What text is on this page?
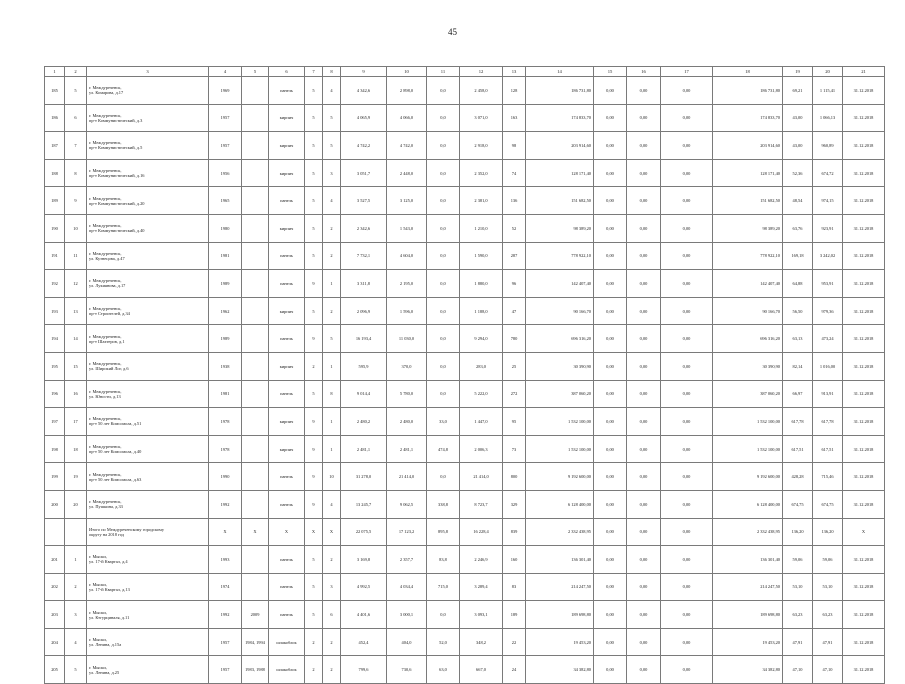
45
1	2	3	4	5	6	7	8	9	10	11	12	13	14	15	16	17	18	19	20	21
185	5	г. Междуреченск,
ул. Комарова, д.17	1969		панель	5	4	4 342,6	2 898,0	0,0	2 458,0	128	186 731,80	0,00	0,00	0,00	186 731,80	69,21	1 115,41	31.12.2018
186	6	г. Междуреченск,
пр-т Коммунистический, д.3	1957		кирпич	5	5	4 065,9	4 066,0	0,0	3 071,0	163	174 833,70	0,00	0,00	0,00	174 833,70	43,00	1 066,13	31.12.2018
187	7	г. Междуреченск,
пр-т Коммунистический, д.5	1957		кирпич	5	5	4 742,2	4 742,0	0,0	2 918,0	98	203 914,60	0,00	0,00	0,00	203 914,60	43,00	960,89	31.12.2018
188	8	г. Междуреченск,
пр-т Коммунистический, д.16	1956		кирпич	5	3	3 051,7	2 448,0	0,0	2 352,0	74	128 171,40	0,00	0,00	0,00	128 171,40	52,36	674,72	31.12.2018
189	9	г. Междуреченск,
пр-т Коммунистический, д.20	1965		панель	5	4	3 527,5	3 125,0	0,0	2 381,0	136	151 682,50	0,00	0,00	0,00	151 682,50	48,54	974,15	31.12.2018
190	10	г. Междуреченск,
пр-т Коммунистический, д.40	1980		кирпич	5	2	2 342,6	1 543,0	0,0	1 210,0	52	98 389,20	0,00	0,00	0,00	98 389,20	63,76	923,91	31.12.2018
191	11	г. Междуреченск,
ул. Кузнецова, д.47	1981		панель	5	2	7 732,1	4 604,0	0,0	1 590,0	287	778 922,10	0,00	0,00	0,00	778 922,10	169,18	3 242,02	31.12.2018
192	12	г. Междуреченск,
ул. Лукиянова, д.17	1989		панель	9	1	3 311,8	2 195,0	0,0	1 880,0	96	142 407,40	0,00	0,00	0,00	142 407,40	64,88	953,91	31.12.2018
193	13	г. Междуреченск,
пр-т Строителей, д.34	1962		кирпич	5	2	2 096,9	1 596,0	0,0	1 188,0	47	90 166,70	0,00	0,00	0,00	90 166,70	56,50	979,36	31.12.2018
194	14	г. Междуреченск,
пр-т Шахтеров, д.1	1989		панель	9	5	16 193,4	11 030,0	0,0	9 294,0	780	696 316,20	0,00	0,00	0,00	696 316,20	63,13	473,24	31.12.2018
195	15	г. Междуреченск,
ул. Широкий Лог, д.6	1938		кирпич	2	1	595,9	370,0	0,0	283,0	25	30 390,90	0,00	0,00	0,00	30 390,90	82,14	1 016,00	31.12.2018
196	16	г. Междуреченск,
ул. Юности, д.13	1981		панель	5	8	9 014,4	5 780,0	0,0	5 222,0	272	387 060,20	0,00	0,00	0,00	387 060,20	66,97	913,91	31.12.2018
197	17	г. Междуреченск,
пр-т 50 лет Комсомола, д.51	1978		кирпич	9	1	2 480,2	2 480,0	33,0	1 447,0	95	1 532 100,00	0,00	0,00	0,00	1 532 100,00	617,78	617,78	31.12.2018
198	18	г. Междуреченск,
пр-т 50 лет Комсомола, д.40	1978		кирпич	9	1	2 481,1	2 481,1	474,8	2 006,3	73	1 532 100,00	0,00	0,00	0,00	1 532 100,00	617,51	617,51	31.12.2018
199	19	г. Междуреченск,
пр-т 50 лет Комсомола, д.63	1990		панель	9	10	31 278,0	21 414,0	0,0	21 414,0	800	9 192 600,00	0,00	0,00	0,00	9 192 600,00	428,28	715,46	31.12.2018
200	20	г. Междуреченск,
ул. Пушкина, д.33	1992		панель	9	4	13 245,7	9 062,5	338,8	8 723,7	329	6 128 400,00	0,00	0,00	0,00	6 128 400,00	674,75	674,75	31.12.2018

		Итого по Междуреченскому городскому
округу на 2018 год	X	X	X	X	X	22 075,5	17 123,2	895,8	16 228,4	839	2 332 438,95	0,00	0,00	0,00	2 332 438,95	136,20	136,20	X
201	1	г. Мыски,
ул. 17-й Квартал, д.4	1993		панель	5	2	3 169,8	2 357,7	83,8	2 246,9	160	136 301,40	0,00	0,00	0,00	136 301,40	59,06	59,06	31.12.2018
202	2	г. Мыски,
ул. 17-й Квартал, д.13	1974		панель	5	3	4 992,5	4 034,4	715,0	3 289,4	83	214 247,50	0,00	0,00	0,00	214 247,50	53,10	53,10	31.12.2018
203	3	г. Мыски,
ул. Ктгурциналя, д.11	1992	2009	панель	5	6	4 401,6	3 000,1	0,0	3 093,1	189	189 698,80	0,00	0,00	0,00	189 698,80	63,23	63,23	31.12.2018
204	4	г. Мыски,
ул. Ленина, д.15а	1957	1984, 1994	шлакоблок	2	2	452,4	404,0	52,0	348,2	22	19 453,20	0,00	0,00	0,00	19 453,20	47,91	47,91	31.12.2018
205	5	г. Мыски,
ул. Ленина, д.25	1957	1983, 1988	шлакоблок	2	2	799,6	730,6	63,0	667,0	24	34 382,80	0,00	0,00	0,00	34 382,80	47,10	47,10	31.12.2018
